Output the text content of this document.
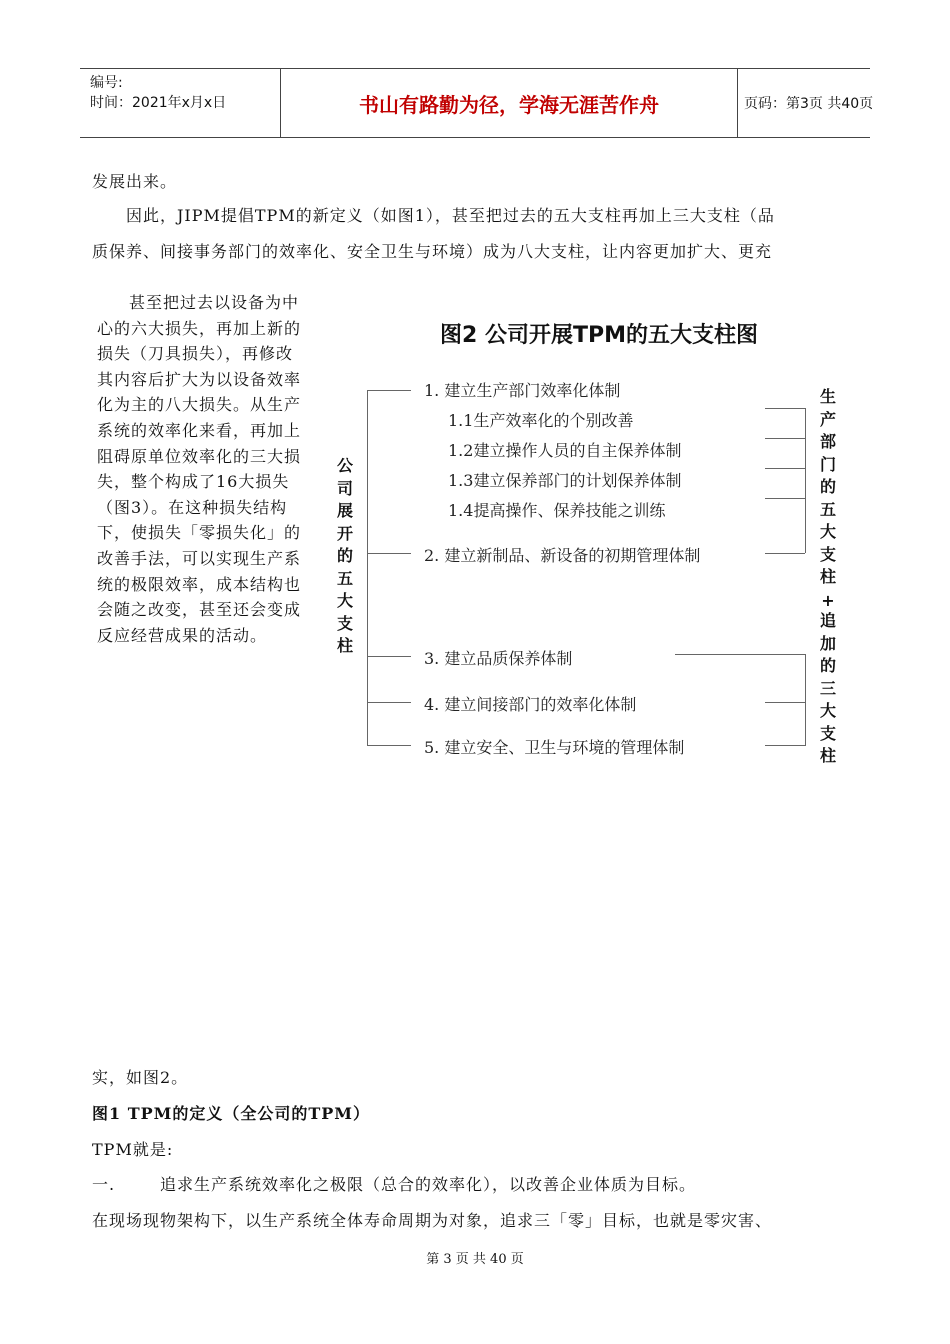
编号:
时间：2021年x月x日	书山有路勤为径，学海无涯苦作舟	页码：第3页 共40页
发展出来。
因此，JIPM提倡TPM的新定义（如图1），甚至把过去的五大支柱再加上三大支柱（品
质保养、间接事务部门的效率化、安全卫生与环境）成为八大支柱，让内容更加扩大、更充

甚至把过去以设备为中心的六大损失，再加上新的损失（刀具损失），再修改其内容后扩大为以设备效率化为主的八大损失。从生产系统的效率化来看，再加上阻碍原单位效率化的三大损失，整个构成了16大损失（图3）。在这种损失结构下，使损失「零损失化」的改善手法，可以实现生产系统的极限效率，成本结构也会随之改变，甚至还会变成反应经营成果的活动。

图2 公司开展TPM的五大支柱图
公司展开的五大支柱
1. 建立生产部门效率化体制
1.1生产效率化的个别改善
1.2建立操作人员的自主保养体制
1.3建立保养部门的计划保养体制
1.4提高操作、保养技能之训练
2. 建立新制品、新设备的初期管理体制
3. 建立品质保养体制
4. 建立间接部门的效率化体制
5. 建立安全、卫生与环境的管理体制
生产部门的五大支柱
+
追加的三大支柱
实，如图2。
图1 TPM的定义（全公司的TPM）
TPM就是:
一.	追求生产系统效率化之极限（总合的效率化），以改善企业体质为目标。
在现场现物架构下，以生产系统全体寿命周期为对象，追求三「零」目标，也就是零灾害、
第 3 页 共 40 页
